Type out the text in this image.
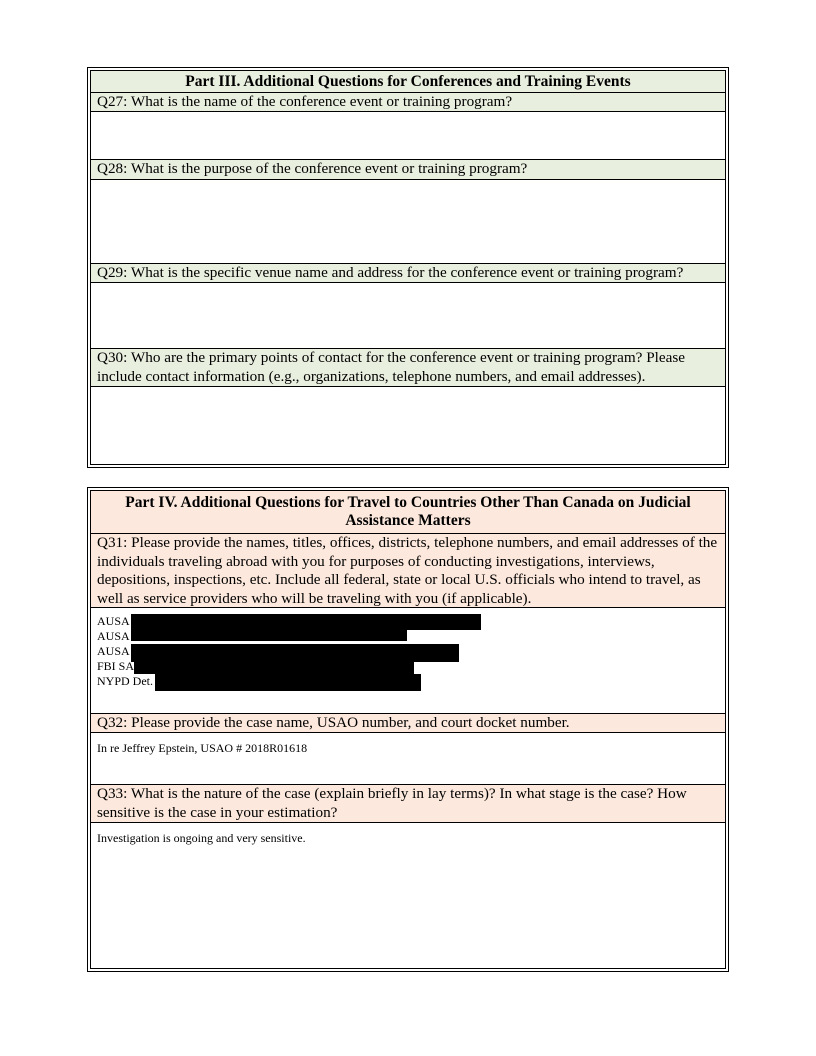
Part III. Additional Questions for Conferences and Training Events
Q27: What is the name of the conference event or training program?
Q28: What is the purpose of the conference event or training program?
Q29: What is the specific venue name and address for the conference event or training program?
Q30: Who are the primary points of contact for the conference event or training program? Please include contact information (e.g., organizations, telephone numbers, and email addresses).
Part IV. Additional Questions for Travel to Countries Other Than Canada on Judicial Assistance Matters
Q31: Please provide the names, titles, offices, districts, telephone numbers, and email addresses of the individuals traveling abroad with you for purposes of conducting investigations, interviews, depositions, inspections, etc. Include all federal, state or local U.S. officials who intend to travel, as well as service providers who will be traveling with you (if applicable).
AUSA
AUSA
AUSA
FBI SA
NYPD Det.
Q32: Please provide the case name, USAO number, and court docket number.
In re Jeffrey Epstein, USAO # 2018R01618
Q33: What is the nature of the case (explain briefly in lay terms)? In what stage is the case? How sensitive is the case in your estimation?
Investigation is ongoing and very sensitive.
